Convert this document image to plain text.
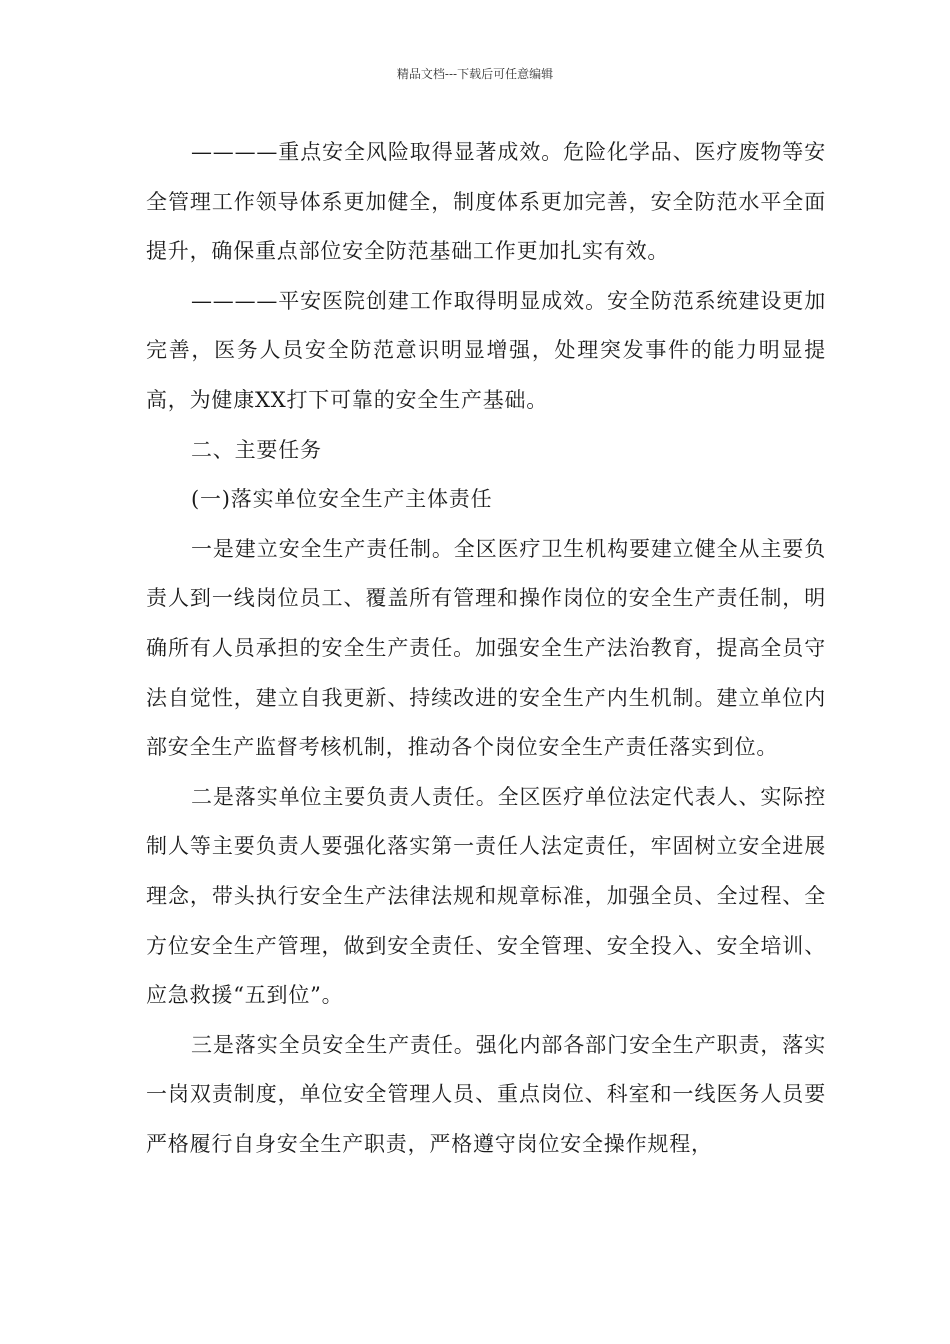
精品文档---下载后可任意编辑

————重点安全风险取得显著成效。危险化学品、医疗废物等安全管理工作领导体系更加健全，制度体系更加完善，安全防范水平全面提升，确保重点部位安全防范基础工作更加扎实有效。

————平安医院创建工作取得明显成效。安全防范系统建设更加完善，医务人员安全防范意识明显增强，处理突发事件的能力明显提高，为健康XX打下可靠的安全生产基础。

二、主要任务

(一)落实单位安全生产主体责任

一是建立安全生产责任制。全区医疗卫生机构要建立健全从主要负责人到一线岗位员工、覆盖所有管理和操作岗位的安全生产责任制，明确所有人员承担的安全生产责任。加强安全生产法治教育，提高全员守法自觉性，建立自我更新、持续改进的安全生产内生机制。建立单位内部安全生产监督考核机制，推动各个岗位安全生产责任落实到位。

二是落实单位主要负责人责任。全区医疗单位法定代表人、实际控制人等主要负责人要强化落实第一责任人法定责任，牢固树立安全进展理念，带头执行安全生产法律法规和规章标准，加强全员、全过程、全方位安全生产管理，做到安全责任、安全管理、安全投入、安全培训、应急救援“五到位”。

三是落实全员安全生产责任。强化内部各部门安全生产职责，落实一岗双责制度，单位安全管理人员、重点岗位、科室和一线医务人员要严格履行自身安全生产职责，严格遵守岗位安全操作规程，
